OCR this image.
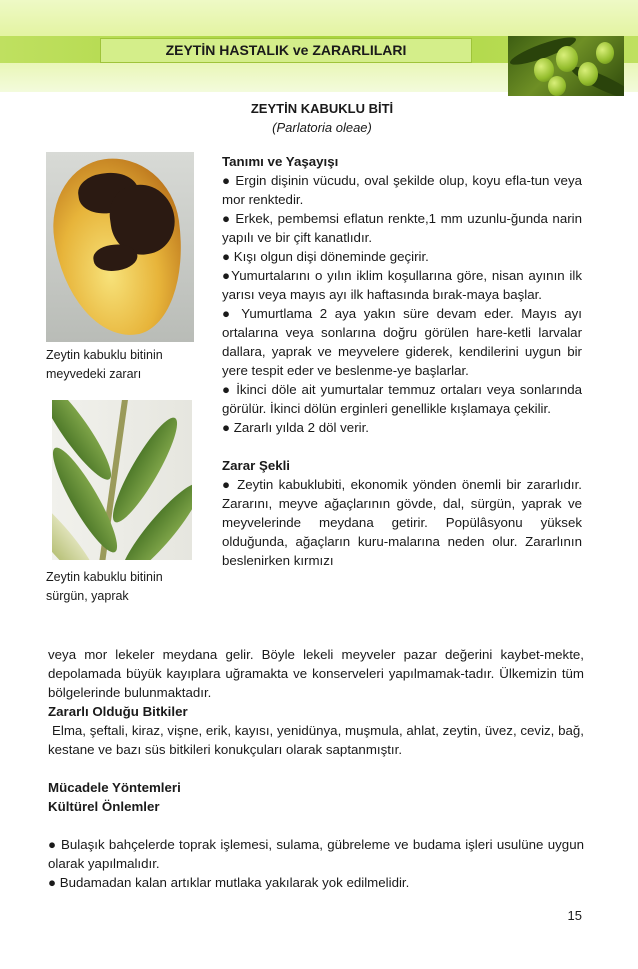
ZEYTİN HASTALIK ve ZARARLILARI
ZEYTİN KABUKLU BİTİ
(Parlatoria oleae)
Zeytin kabuklu bitinin
meyvedeki zararı
Zeytin kabuklu bitinin
sürgün, yaprak

Tanımı ve Yaşayışı

● Ergin dişinin vücudu, oval şekilde olup, koyu efla-tun veya mor renktedir.

● Erkek, pembemsi eflatun renkte,1 mm uzunlu-ğunda narin yapılı ve bir çift kanatlıdır.

● Kışı olgun dişi döneminde geçirir.

●Yumurtalarını o yılın iklim koşullarına göre, nisan ayının ilk yarısı veya mayıs ayı ilk haftasında bırak-maya başlar.

● Yumurtlama 2 aya yakın süre devam eder. Mayıs ayı ortalarına veya sonlarına doğru görülen hare-ketli larvalar dallara, yaprak ve meyvelere giderek, kendilerini uygun bir yere tespit eder ve beslenme-ye başlarlar.

● İkinci döle ait yumurtalar temmuz ortaları veya sonlarında görülür. İkinci dölün erginleri genellikle kışlamaya çekilir.

● Zararlı yılda 2 döl verir.

Zarar Şekli

● Zeytin kabuklubiti, ekonomik yönden önemli bir zararlıdır. Zararını, meyve ağaçlarının gövde, dal, sürgün, yaprak ve meyvelerinde meydana getirir. Popülâsyonu yüksek olduğunda, ağaçların kuru-malarına neden olur. Zararlının beslenirken kırmızı

veya mor lekeler meydana gelir. Böyle lekeli meyveler pazar değerini kaybet-mekte, depolamada büyük kayıplara uğramakta ve konserveleri yapılmamak-tadır. Ülkemizin tüm bölgelerinde bulunmaktadır.

Zararlı Olduğu Bitkiler

Elma, şeftali, kiraz, vişne, erik, kayısı, yenidünya, muşmula, ahlat, zeytin, üvez, ceviz, bağ, kestane ve bazı süs bitkileri konukçuları olarak saptanmıştır.

Mücadele Yöntemleri

Kültürel Önlemler

● Bulaşık bahçelerde toprak işlemesi, sulama, gübreleme ve budama işleri usulüne uygun olarak yapılmalıdır.

● Budamadan kalan artıklar mutlaka yakılarak yok edilmelidir.

15
